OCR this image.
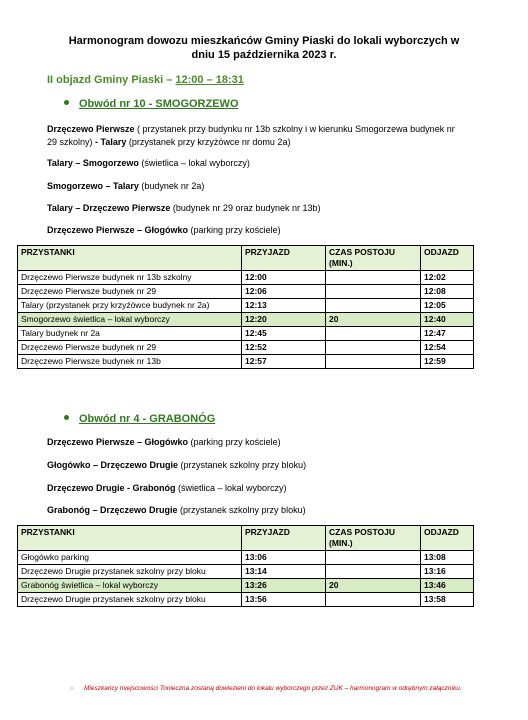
Harmonogram dowozu mieszkańców Gminy Piaski do lokali wyborczych w
dniu 15 października 2023 r.
II objazd Gminy Piaski – 12:00 – 18:31
Obwód nr 10 - SMOGORZEWO
Drzęczewo Pierwsze ( przystanek przy budynku nr 13b szkolny i w kierunku Smogorzewa budynek nr 29 szkolny) - Talary (przystanek przy krzyżówce nr domu 2a)
Talary – Smogorzewo (świetlica – lokal wyborczy)
Smogorzewo – Talary (budynek nr 2a)
Talary – Drzęczewo Pierwsze (budynek nr 29 oraz budynek nr 13b)
Drzęczewo Pierwsze – Głogówko (parking przy kościele)
PRZYSTANKI	PRZYJAZD	CZAS POSTOJU (MIN.)	ODJAZD
Drzęczewo Pierwsze budynek nr 13b szkolny	12:00		12:02
Drzęczewo Pierwsze budynek nr 29	12:06		12:08
Talary (przystanek przy krzyżówce budynek nr 2a)	12:13		12:05
Smogorzewo świetlica – lokal wyborczy	12:20	20	12:40
Talary budynek nr 2a	12:45		12:47
Drzęczewo Pierwsze budynek nr 29	12:52		12:54
Drzęczewo Pierwsze budynek nr 13b	12:57		12:59
Obwód nr 4 - GRABONÓG
Drzęczewo Pierwsze – Głogówko (parking przy kościele)
Głogówko – Drzęczewo Drugie (przystanek szkolny przy bloku)
Drzęczewo Drugie - Grabonóg (świetlica – lokal wyborczy)
Grabonóg – Drzęczewo Drugie (przystanek szkolny przy bloku)
PRZYSTANKI	PRZYJAZD	CZAS POSTOJU (MIN.)	ODJAZD
Głogówko parking	13:06		13:08
Drzęczewo Drugie przystanek szkolny przy bloku	13:14		13:16
Grabonóg świetlica – lokal wyborczy	13:26	20	13:46
Drzęczewo Drugie przystanek szkolny przy bloku	13:56		13:58
○ Mieszkańcy miejscowości Tonieczna zostaną dowiezieni do lokalu wyborczego przez ZUK – harmonogram w odrębnym załączniku.
